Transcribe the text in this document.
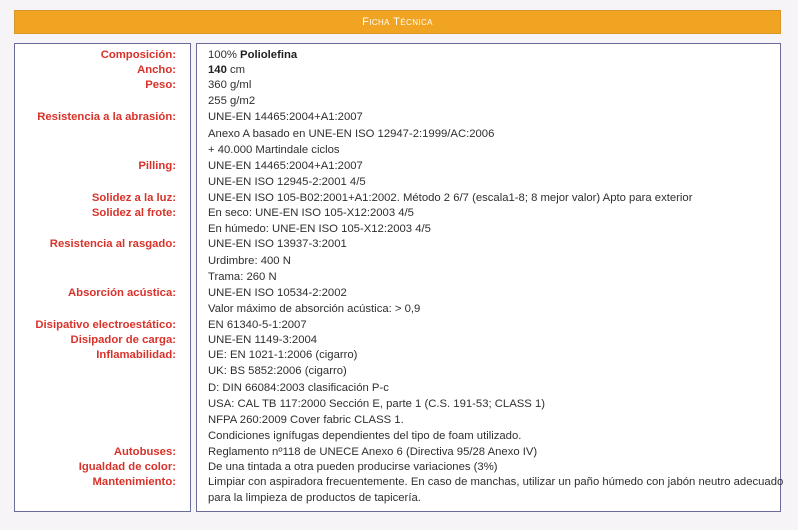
Ficha Técnica
Composición:
Ancho:
Peso:
Resistencia a la abrasión:
Pilling:
Solidez a la luz:
Solidez al frote:
Resistencia al rasgado:
Absorción acústica:
Disipativo electroestático:
Disipador de carga:
Inflamabilidad:
Autobuses:
Igualdad de color:
Mantenimiento:
100% Poliolefina
140 cm
360 g/ml
255 g/m2
UNE-EN 14465:2004+A1:2007
Anexo A basado en UNE-EN ISO 12947-2:1999/AC:2006
+ 40.000 Martindale ciclos
UNE-EN 14465:2004+A1:2007
UNE-EN ISO 12945-2:2001 4/5
UNE-EN ISO 105-B02:2001+A1:2002. Método 2 6/7 (escala1-8; 8 mejor valor) Apto para exterior
En seco: UNE-EN ISO 105-X12:2003 4/5
En húmedo: UNE-EN ISO 105-X12:2003 4/5
UNE-EN ISO 13937-3:2001
Urdimbre: 400 N
Trama: 260 N
UNE-EN ISO 10534-2:2002
Valor máximo de absorción acústica: > 0,9
EN 61340-5-1:2007
UNE-EN 1149-3:2004
UE: EN 1021-1:2006 (cigarro)
UK: BS 5852:2006 (cigarro)
D: DIN 66084:2003 clasificación P-c
USA: CAL TB 117:2000 Sección E, parte 1 (C.S. 191-53; CLASS 1)
NFPA 260:2009 Cover fabric CLASS 1.
Condiciones ignífugas dependientes del tipo de foam utilizado.
Reglamento nº118 de UNECE Anexo 6 (Directiva 95/28 Anexo IV)
De una tintada a otra pueden producirse variaciones (3%)
Limpiar con aspiradora frecuentemente. En caso de manchas, utilizar un paño húmedo con jabón neutro adecuado
para la limpieza de productos de tapicería.
